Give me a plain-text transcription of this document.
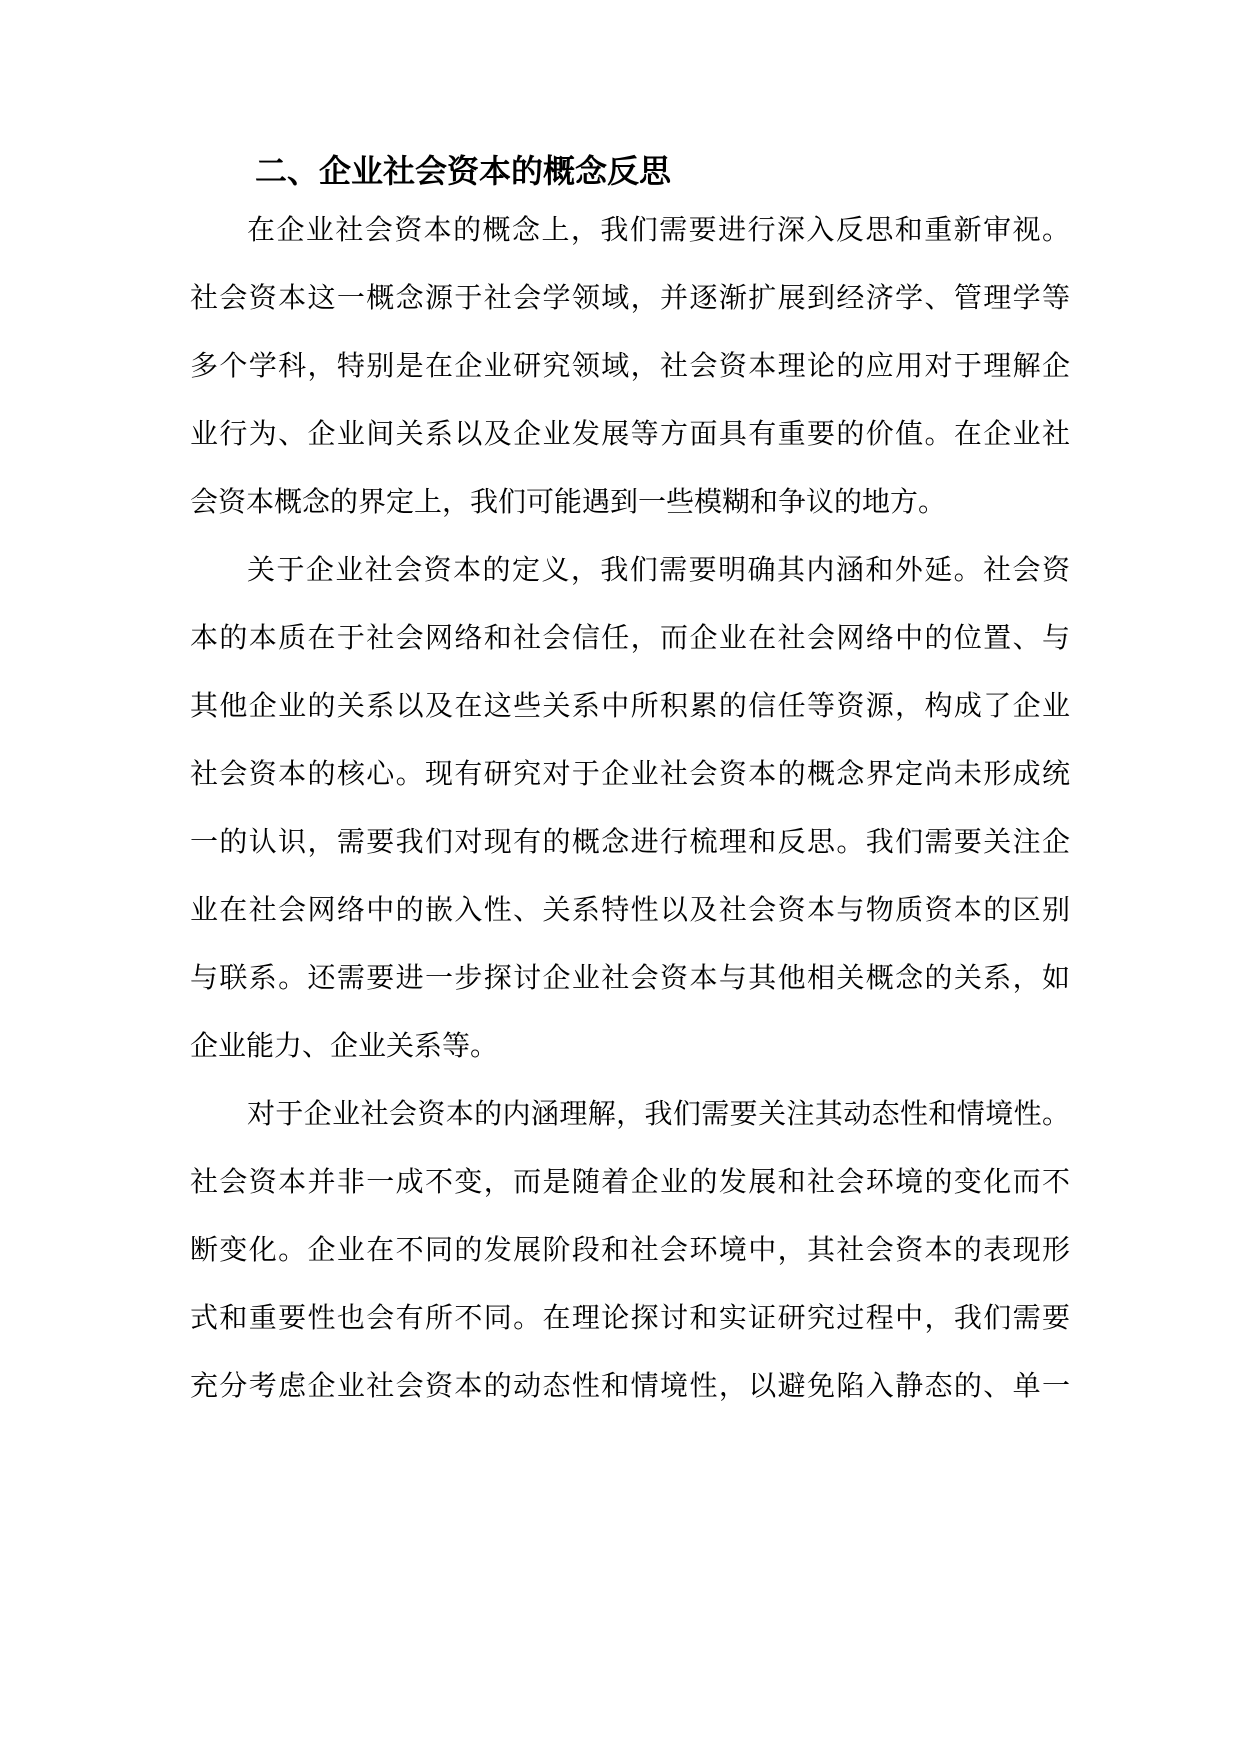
二、企业社会资本的概念反思

在企业社会资本的概念上，我们需要进行深入反思和重新审视。

社会资本这一概念源于社会学领域，并逐渐扩展到经济学、管理学等

多个学科，特别是在企业研究领域，社会资本理论的应用对于理解企

业行为、企业间关系以及企业发展等方面具有重要的价值。在企业社

会资本概念的界定上，我们可能遇到一些模糊和争议的地方。

关于企业社会资本的定义，我们需要明确其内涵和外延。社会资

本的本质在于社会网络和社会信任，而企业在社会网络中的位置、与

其他企业的关系以及在这些关系中所积累的信任等资源，构成了企业

社会资本的核心。现有研究对于企业社会资本的概念界定尚未形成统

一的认识，需要我们对现有的概念进行梳理和反思。我们需要关注企

业在社会网络中的嵌入性、关系特性以及社会资本与物质资本的区别

与联系。还需要进一步探讨企业社会资本与其他相关概念的关系，如

企业能力、企业关系等。

对于企业社会资本的内涵理解，我们需要关注其动态性和情境性。

社会资本并非一成不变，而是随着企业的发展和社会环境的变化而不

断变化。企业在不同的发展阶段和社会环境中，其社会资本的表现形

式和重要性也会有所不同。在理论探讨和实证研究过程中，我们需要

充分考虑企业社会资本的动态性和情境性，以避免陷入静态的、单一
